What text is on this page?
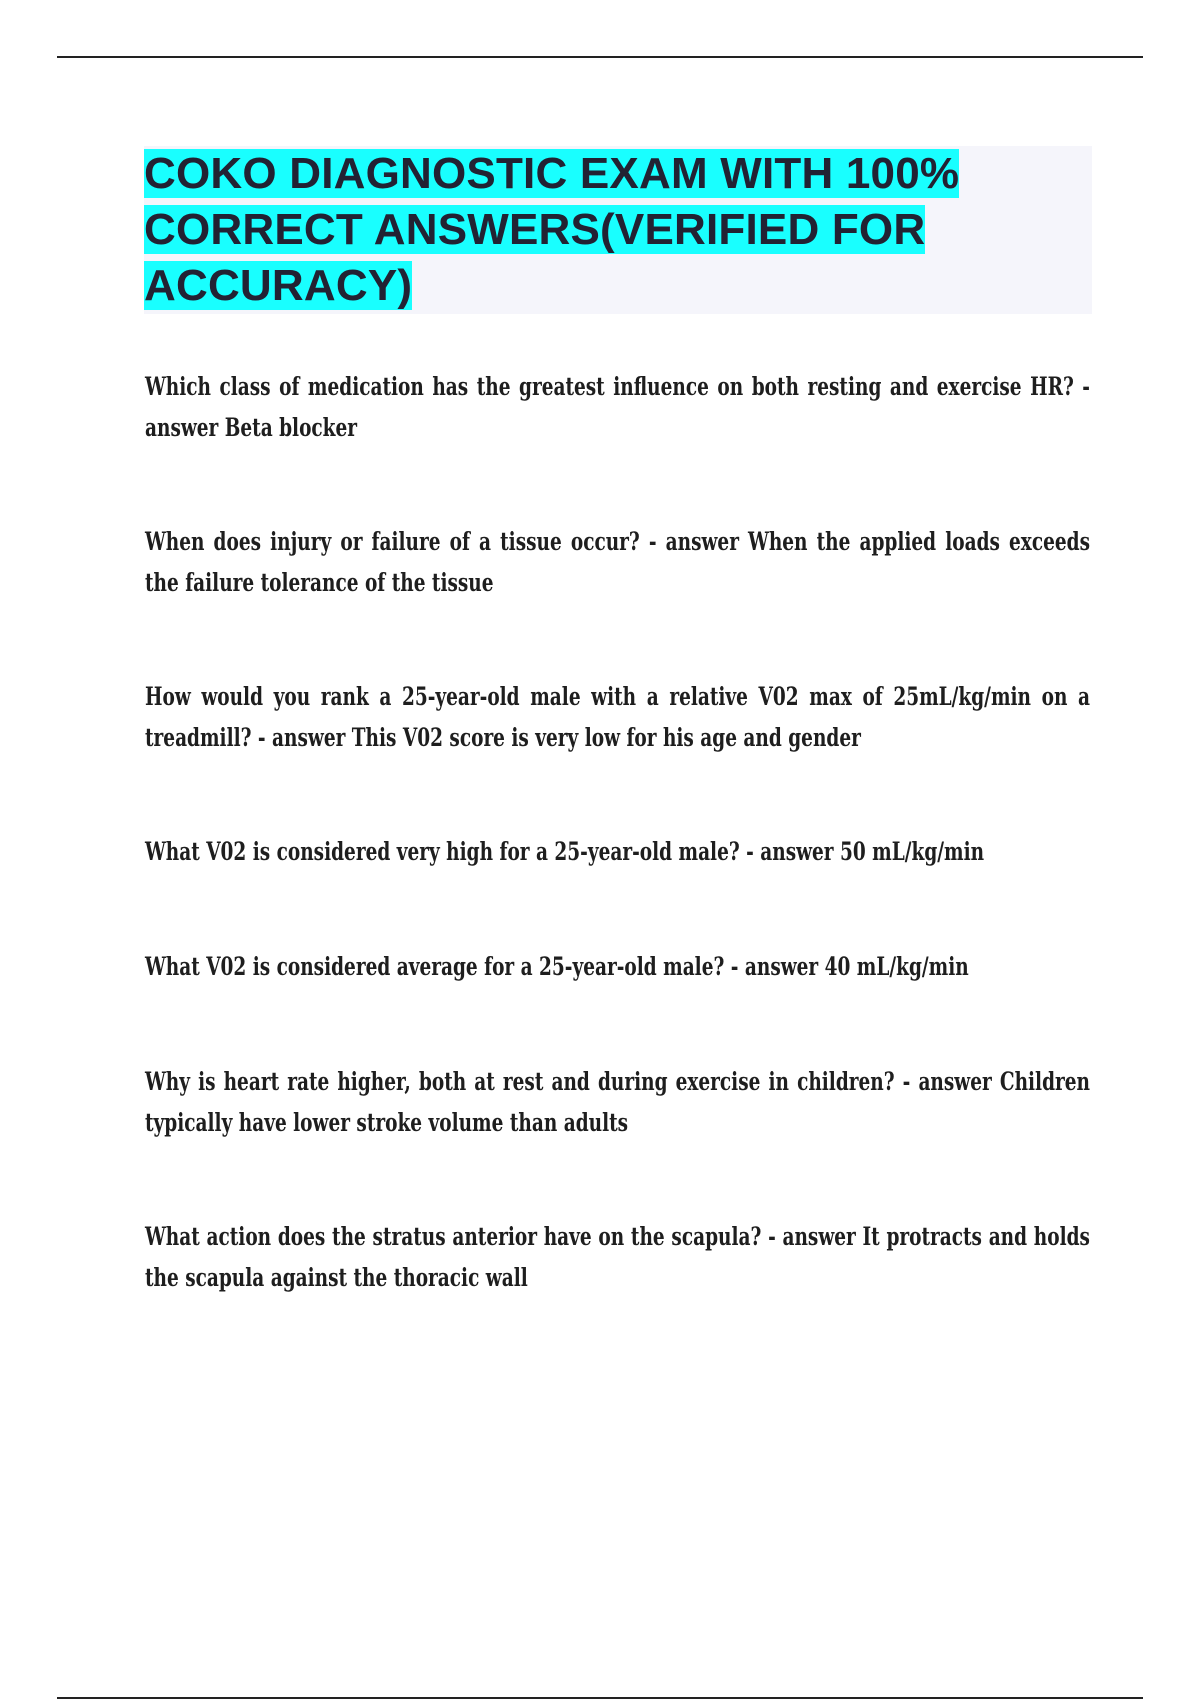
COKO DIAGNOSTIC EXAM WITH 100% CORRECT ANSWERS(VERIFIED FOR ACCURACY)
Which class of medication has the greatest influence on both resting and exercise HR? - answer Beta blocker
When does injury or failure of a tissue occur? - answer When the applied loads exceeds the failure tolerance of the tissue
How would you rank a 25-year-old male with a relative V02 max of 25mL/kg/min on a treadmill? - answer This V02 score is very low for his age and gender
What V02 is considered very high for a 25-year-old male? - answer 50 mL/kg/min
What V02 is considered average for a 25-year-old male? - answer 40 mL/kg/min
Why is heart rate higher, both at rest and during exercise in children? - answer Children typically have lower stroke volume than adults
What action does the stratus anterior have on the scapula? - answer It protracts and holds the scapula against the thoracic wall
